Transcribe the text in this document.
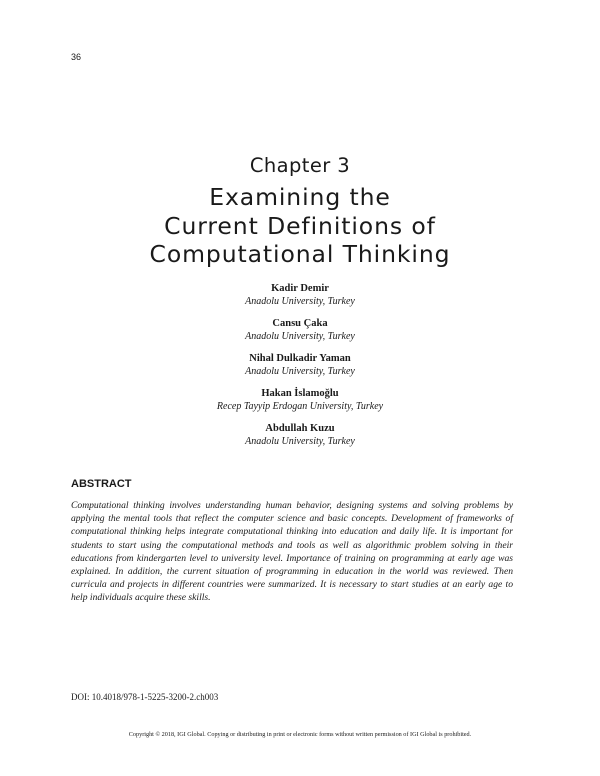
36
Chapter 3
Examining the
Current Definitions of
Computational Thinking
Kadir Demir
Anadolu University, Turkey
Cansu Çaka
Anadolu University, Turkey
Nihal Dulkadir Yaman
Anadolu University, Turkey
Hakan İslamoğlu
Recep Tayyip Erdogan University, Turkey
Abdullah Kuzu
Anadolu University, Turkey
ABSTRACT

Computational thinking involves understanding human behavior, designing systems and solving problems by applying the mental tools that reflect the computer science and basic concepts. Development of frameworks of computational thinking helps integrate computational thinking into education and daily life. It is important for students to start using the computational methods and tools as well as algorithmic problem solving in their educations from kindergarten level to university level. Importance of training on programming at early age was explained. In addition, the current situation of programming in education in the world was reviewed. Then curricula and projects in different countries were summarized. It is necessary to start studies at an early age to help individuals acquire these skills.

DOI: 10.4018/978-1-5225-3200-2.ch003
Copyright © 2018, IGI Global. Copying or distributing in print or electronic forms without written permission of IGI Global is prohibited.
